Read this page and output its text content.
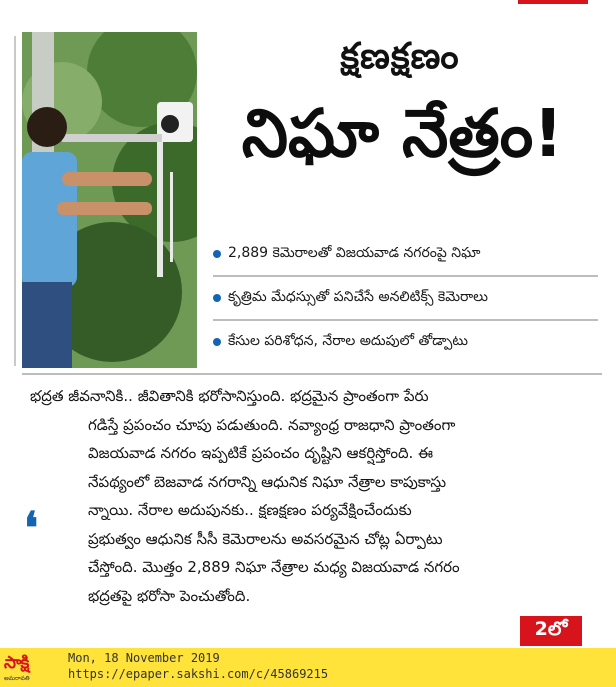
క్షణక్షణం
నిఘా నేత్రం!
2,889 కెమెరాలతో విజయవాడ నగరంపై నిఘా
కృత్రిమ మేధస్సుతో పనిచేసే అనలిటిక్స్ కెమెరాలు
కేసుల పరిశోధన, నేరాల అదుపులో తోడ్పాటు
❛
భద్రత జీవనానికి.. జీవితానికి భరోసానిస్తుంది. భద్రమైన ప్రాంతంగా పేరు
గడిస్తే ప్రపంచం చూపు పడుతుంది. నవ్యాంధ్ర రాజధాని ప్రాంతంగా
విజయవాడ నగరం ఇప్పటికే ప్రపంచం దృష్టిని ఆకర్షిస్తోంది. ఈ
నేపథ్యంలో బెజవాడ నగరాన్ని ఆధునిక నిఘా నేత్రాల కాపుకాస్తు
న్నాయి. నేరాల అదుపునకు.. క్షణక్షణం పర్యవేక్షించేందుకు
ప్రభుత్వం ఆధునిక సీసీ కెమెరాలను అవసరమైన చోట్ల ఏర్పాటు
చేస్తోంది. మొత్తం 2,889 నిఘా నేత్రాల మధ్య విజయవాడ నగరం
భద్రతపై భరోసా పెంచుతోంది.
2లో
సాక్షి
అమరావతి
Mon, 18 November 2019
https://epaper.sakshi.com/c/45869215
